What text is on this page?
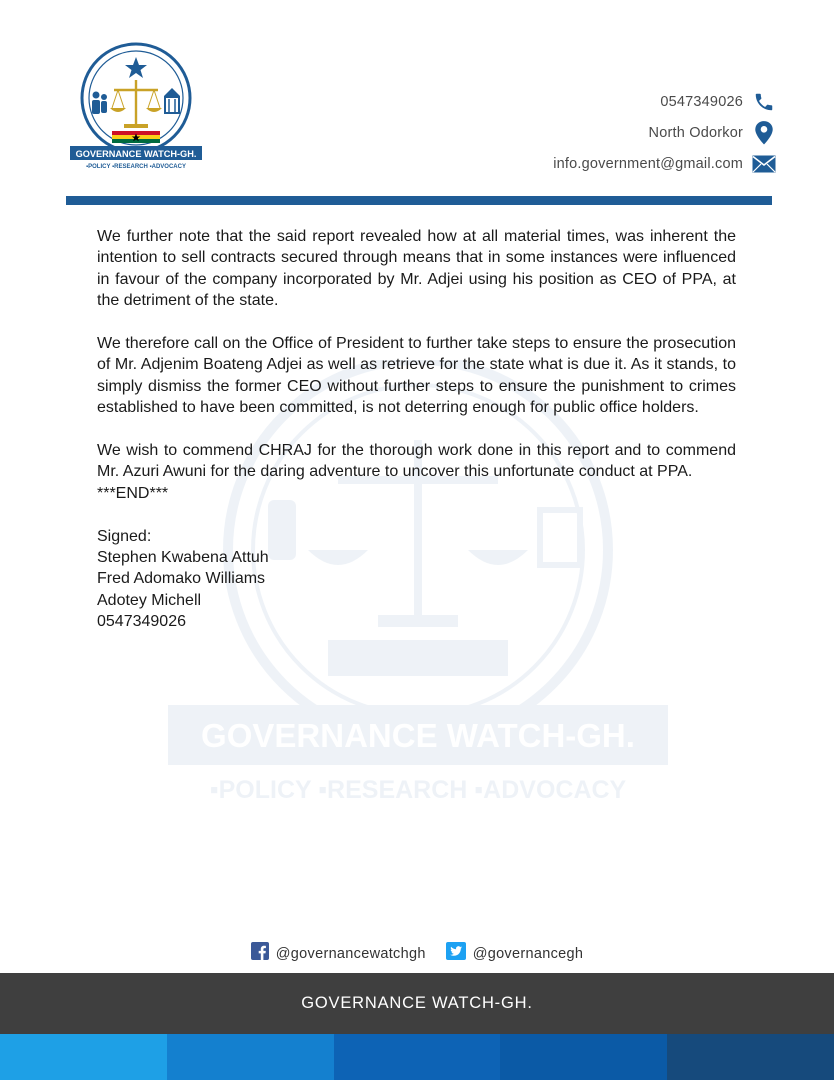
GOVERNANCE WATCH-GH.
▪POLICY ▪RESEARCH ▪ADVOCACY
0547349026
North Odorkor
info.government@gmail.com
GOVERNANCE WATCH-GH.
▪POLICY ▪RESEARCH ▪ADVOCACY

We further note that the said report revealed how at all material times, was inherent the intention to sell contracts secured through means that in some instances were influenced in favour of the company incorporated by Mr. Adjei using his position as CEO of PPA, at the detriment of the state.

We therefore call on the Office of President to further take steps to ensure the prosecution of Mr. Adjenim Boateng Adjei as well as retrieve for the state what is due it. As it stands, to simply dismiss the former CEO without further steps to ensure the punishment to crimes established to have been committed, is not deterring enough for public office holders.

We wish to commend CHRAJ for the thorough work done in this report and to commend Mr. Azuri Awuni for the daring adventure to uncover this unfortunate conduct at PPA.

***END***

Signed:

Stephen Kwabena Attuh

Fred Adomako Williams

Adotey Michell

0547349026

@governancewatchgh	@governancegh
GOVERNANCE WATCH-GH.
